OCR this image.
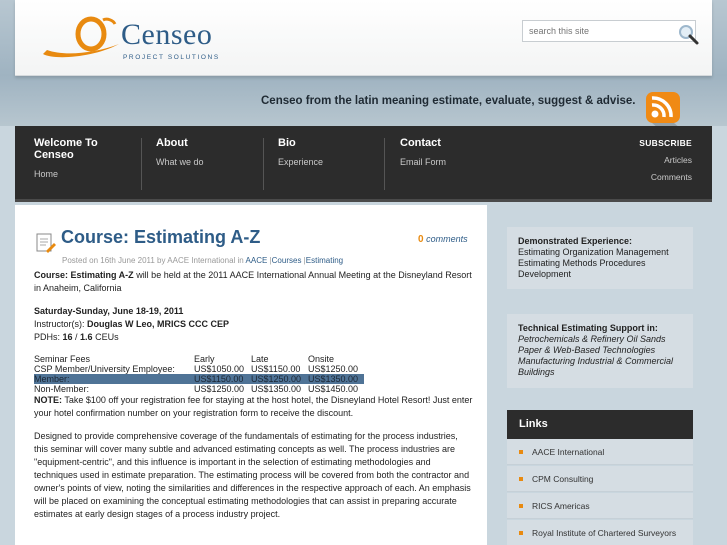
Censeo
PROJECT SOLUTIONS
search this site
Censeo from the latin meaning estimate, evaluate, suggest & advise.
Welcome To
Censeo
Home
About
What we do
Bio
Experience
Contact
Email Form
SUBSCRIBE
Articles
Comments
Course: Estimating A-Z	0 comments
Posted on 16th June 2011 by AACE International in AACE |Courses |Estimating

Course: Estimating A-Z will be held at the 2011 AACE International Annual Meeting at the Disneyland Resort in Anaheim, California

Saturday-Sunday, June 18-19, 2011

Instructor(s): Douglas W Leo, MRICS CCC CEP

PDHs: 16 / 1.6 CEUs

Seminar Fees	Early	Late	Onsite
CSP Member/University Employee:	US$1050.00	US$1150.00	US$1250.00
Member:	US$1150.00	US$1250.00	US$1350.00
Non-Member:	US$1250.00	US$1350.00	US$1450.00

NOTE: Take $100 off your registration fee for staying at the host hotel, the Disneyland Hotel Resort! Just enter your hotel confirmation number on your registration form to receive the discount.

Designed to provide comprehensive coverage of the fundamentals of estimating for the process industries, this seminar will cover many subtle and advanced estimating concepts as well. The process industries are "equipment-centric", and this influence is important in the selection of estimating methodologies and techniques used in estimate preparation. The estimating process will be covered from both the contractor and owner's points of view, noting the similarities and differences in the respective approach of each. An emphasis will be placed on examining the conceptual estimating methodologies that can assist in preparing accurate estimates at early design stages of a process industry project.

Demonstrated Experience:
Estimating Organization Management
Estimating Methods Procedures
Development
Technical Estimating Support in:
Petrochemicals & Refinery Oil Sands
Paper & Web-Based Technologies
Manufacturing Industrial & Commercial
Buildings
Links
AACE International
CPM Consulting
RICS Americas
Royal Institute of Chartered Surveyors
